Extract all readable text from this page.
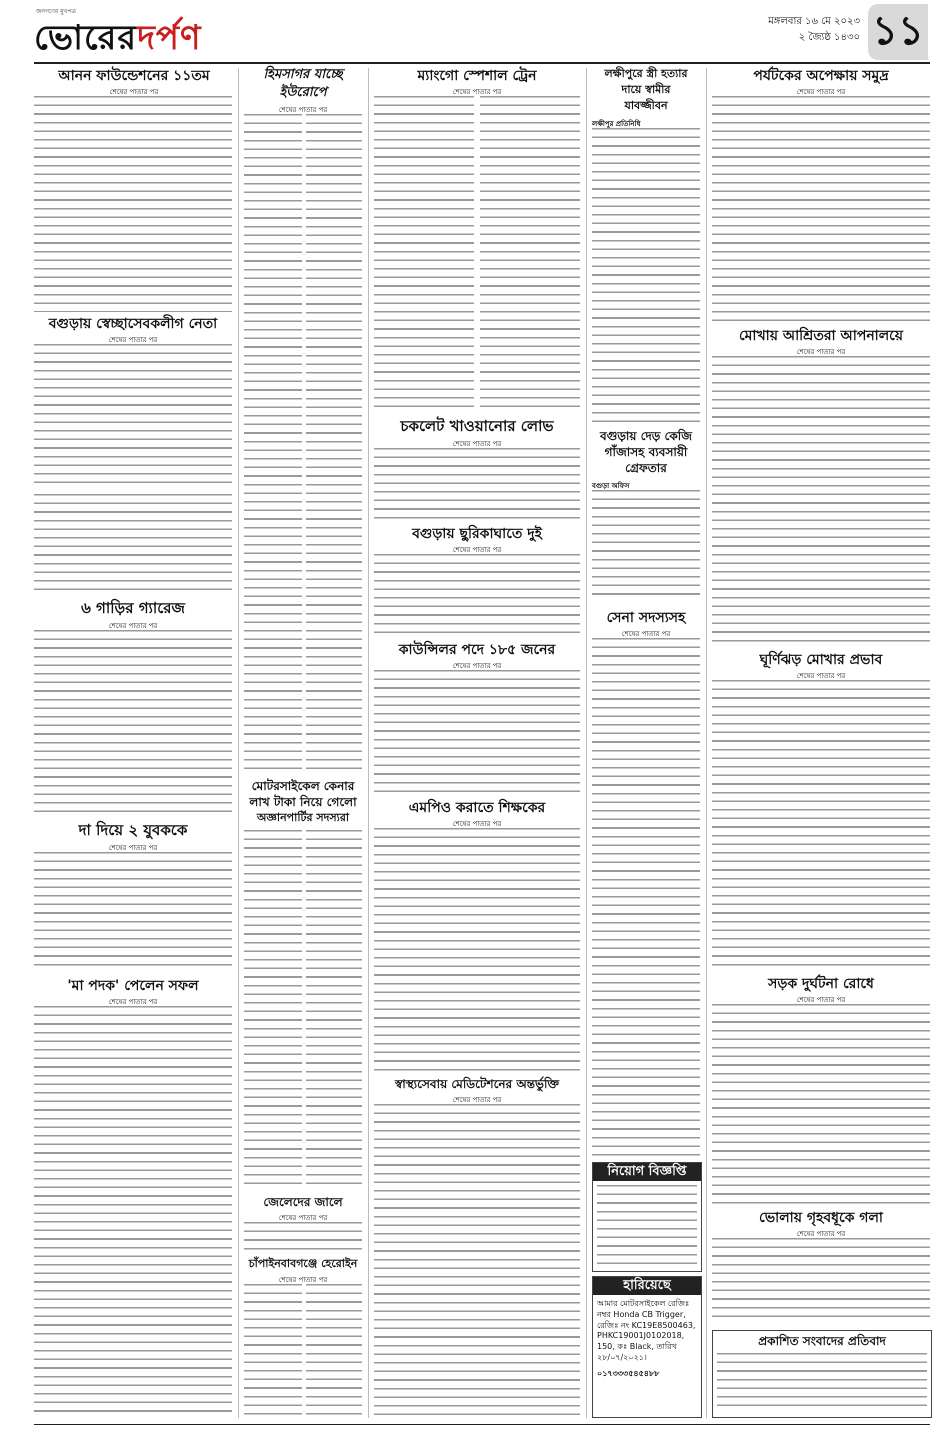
জনগণের মুখপত্র
ভোরেরদর্পণ	মঙ্গলবার ১৬ মে ২০২৩
২ জ্যৈষ্ঠ ১৪৩০ ১১
আনন ফাউন্ডেশনের ১১তম
শেষের পাতার পর
বগুড়ায় স্বেচ্ছাসেবকলীগ নেতা
শেষের পাতার পর
৬ গাড়ির গ্যারেজ
শেষের পাতার পর
দা দিয়ে ২ যুবককে
শেষের পাতার পর
'মা পদক' পেলেন সফল
শেষের পাতার পর
হিমসাগর যাচ্ছে
ইউরোপে
শেষের পাতার পর
মোটরসাইকেল কেনার
লাখ টাকা নিয়ে গেলো
অজ্ঞানপার্টির সদস্যরা
জেলেদের জালে
শেষের পাতার পর
চাঁপাইনবাবগঞ্জে হেরোইন
শেষের পাতার পর
ম্যাংগো স্পেশাল ট্রেন
শেষের পাতার পর
চকলেট খাওয়ানোর লোভ
শেষের পাতার পর
বগুড়ায় ছুরিকাঘাতে দুই
শেষের পাতার পর
কাউন্সিলর পদে ১৮৫ জনের
শেষের পাতার পর
এমপিও করাতে শিক্ষকের
শেষের পাতার পর
স্বাস্থ্যসেবায় মেডিটেশনের অন্তর্ভুক্তি
শেষের পাতার পর
লক্ষীপুরে স্ত্রী হত্যার
দায়ে স্বামীর
যাবজ্জীবন
লক্ষীপুর প্রতিনিধি
বগুড়ায় দেড় কেজি
গাঁজাসহ ব্যবসায়ী
গ্রেফতার
বগুড়া অফিস
সেনা সদস্যসহ
শেষের পাতার পর
নিয়োগ বিজ্ঞপ্তি
হারিয়েছে
আমার মোটরসাইকেল রেজিঃ নম্বর Honda CB Trigger, রেজিঃ নং KC19E8500463, PHKC19001J0102018, 150, কঃ Black, তারিখ ২৮/০৭/২০২১।
০১৭৩৩৩৫৪৫৪৮৮
পর্যটকের অপেক্ষায় সমুদ্র
শেষের পাতার পর
মোখায় আশ্রিতরা আপনালয়ে
শেষের পাতার পর
ঘূর্ণিঝড় মোখার প্রভাব
শেষের পাতার পর
সড়ক দুর্ঘটনা রোধে
শেষের পাতার পর
ভোলায় গৃহবধূকে গলা
শেষের পাতার পর
প্রকাশিত সংবাদের প্রতিবাদ
